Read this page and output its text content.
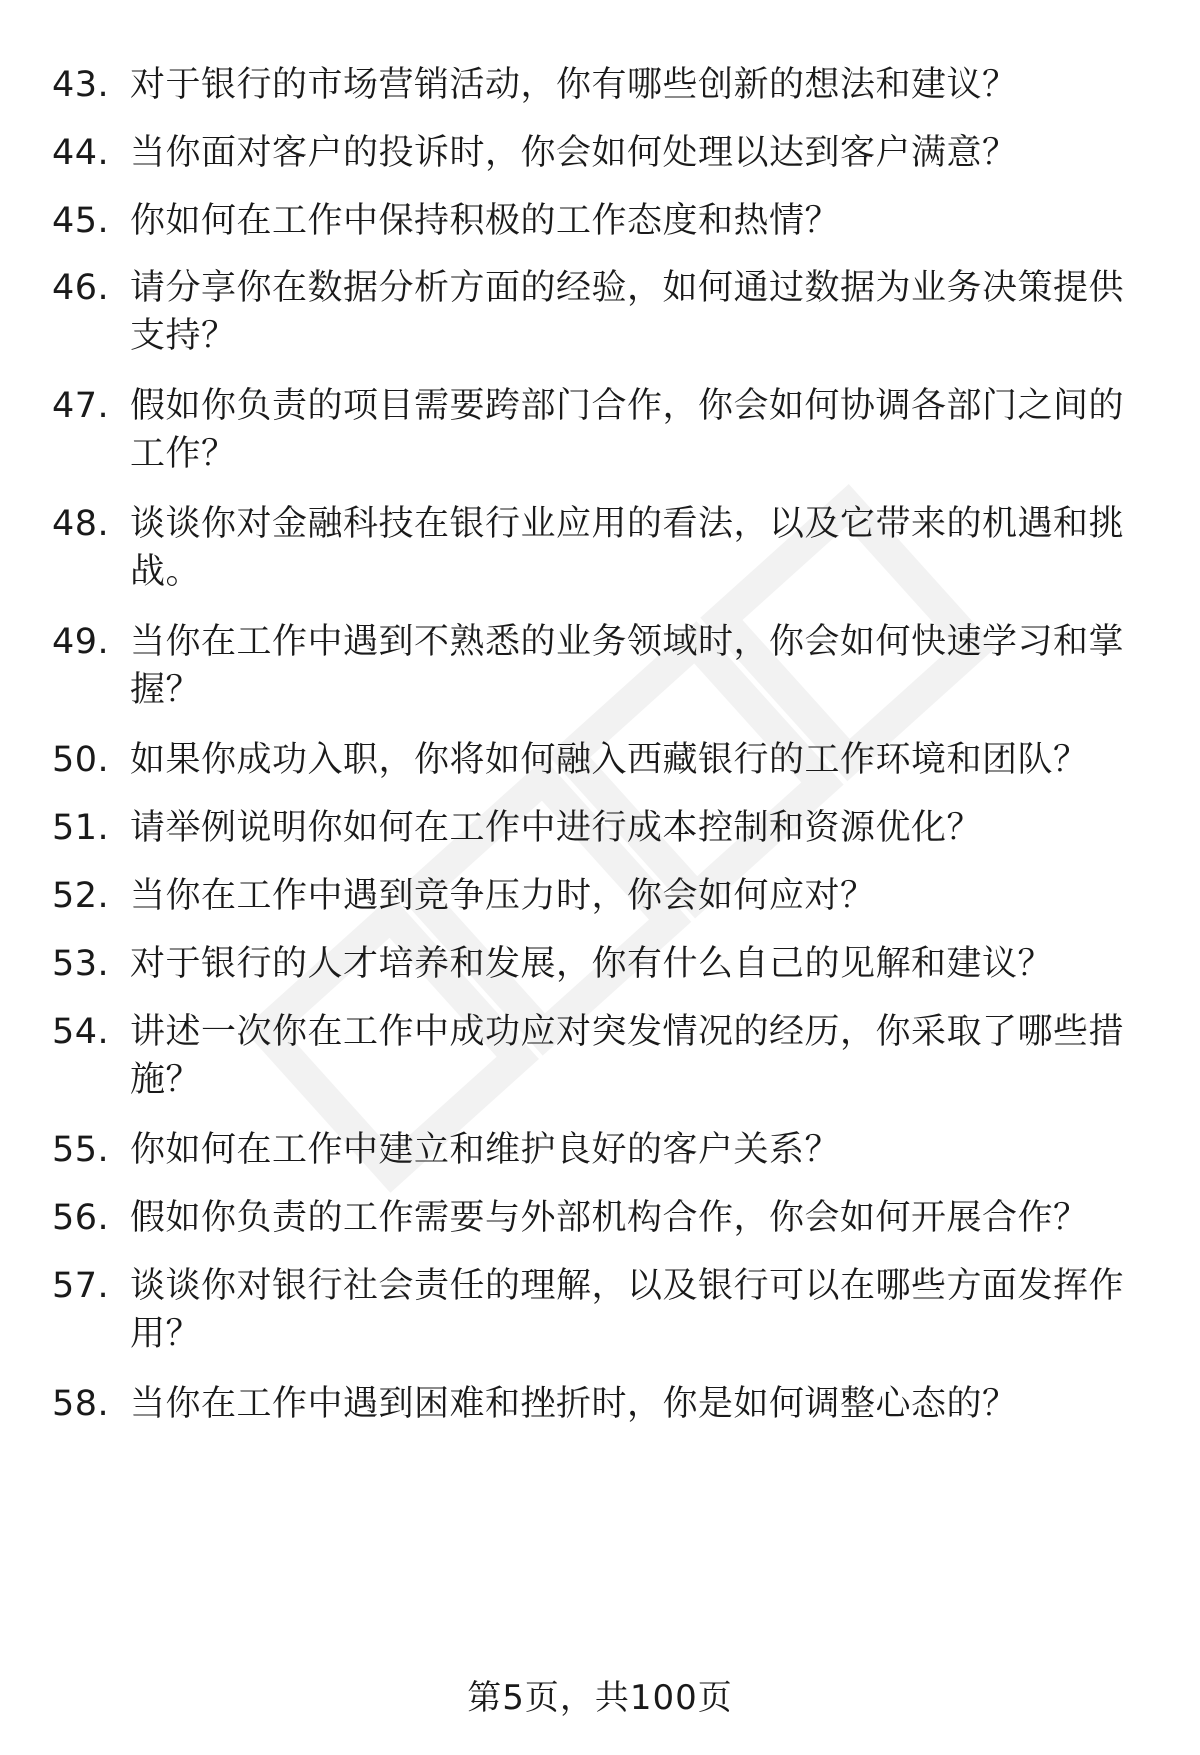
43. 对于银行的市场营销活动，你有哪些创新的想法和建议？
44. 当你面对客户的投诉时，你会如何处理以达到客户满意？
45. 你如何在工作中保持积极的工作态度和热情？
46. 请分享你在数据分析方面的经验，如何通过数据为业务决策提供支持？
47. 假如你负责的项目需要跨部门合作，你会如何协调各部门之间的工作？
48. 谈谈你对金融科技在银行业应用的看法，以及它带来的机遇和挑战。
49. 当你在工作中遇到不熟悉的业务领域时，你会如何快速学习和掌握？
50. 如果你成功入职，你将如何融入西藏银行的工作环境和团队？
51. 请举例说明你如何在工作中进行成本控制和资源优化？
52. 当你在工作中遇到竞争压力时，你会如何应对？
53. 对于银行的人才培养和发展，你有什么自己的见解和建议？
54. 讲述一次你在工作中成功应对突发情况的经历，你采取了哪些措施？
55. 你如何在工作中建立和维护良好的客户关系？
56. 假如你负责的工作需要与外部机构合作，你会如何开展合作？
57. 谈谈你对银行社会责任的理解，以及银行可以在哪些方面发挥作用？
58. 当你在工作中遇到困难和挫折时，你是如何调整心态的？
第5页，共100页
